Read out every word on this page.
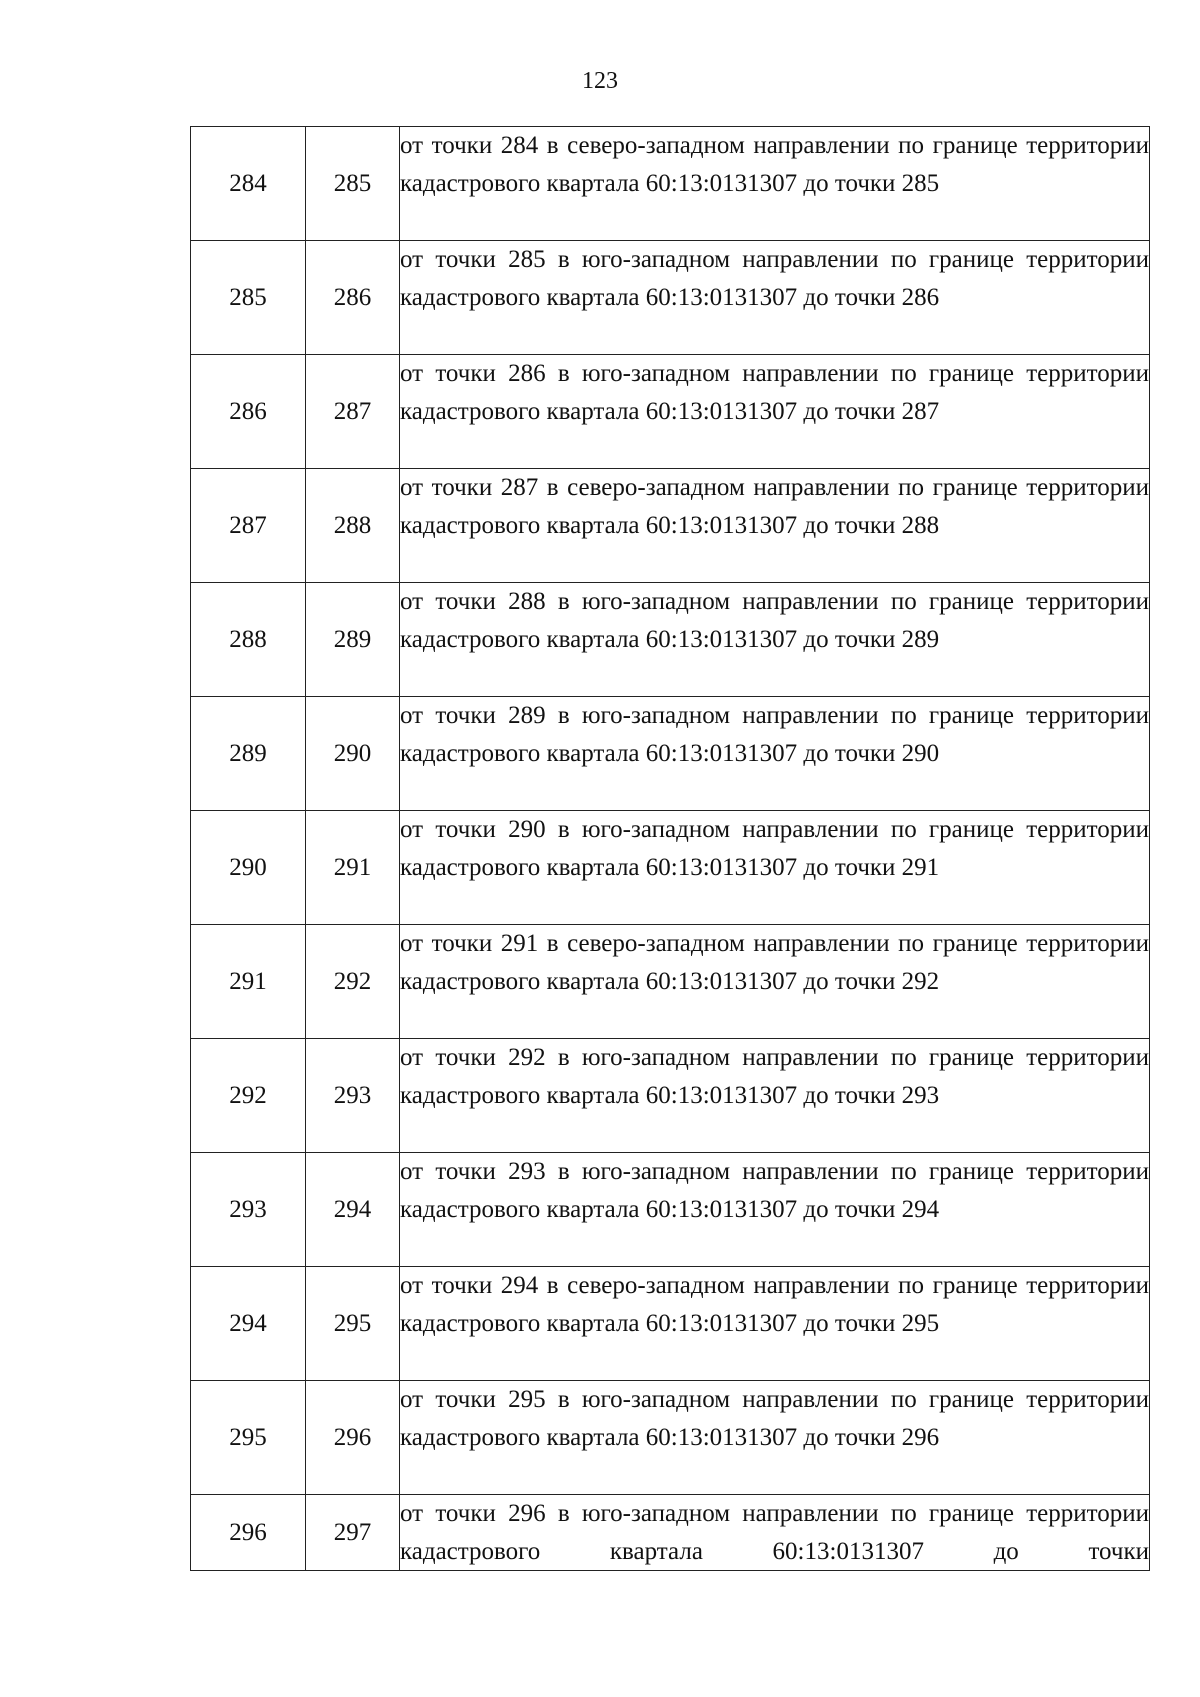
123
284	285	от точки 284 в северо-западном направлении по границе территории кадастрового квартала 60:13:0131307 до точки 285
285	286	от точки 285 в юго-западном направлении по границе территории кадастрового квартала 60:13:0131307 до точки 286
286	287	от точки 286 в юго-западном направлении по границе территории кадастрового квартала 60:13:0131307 до точки 287
287	288	от точки 287 в северо-западном направлении по границе территории кадастрового квартала 60:13:0131307 до точки 288
288	289	от точки 288 в юго-западном направлении по границе территории кадастрового квартала 60:13:0131307 до точки 289
289	290	от точки 289 в юго-западном направлении по границе территории кадастрового квартала 60:13:0131307 до точки 290
290	291	от точки 290 в юго-западном направлении по границе территории кадастрового квартала 60:13:0131307 до точки 291
291	292	от точки 291 в северо-западном направлении по границе территории кадастрового квартала 60:13:0131307 до точки 292
292	293	от точки 292 в юго-западном направлении по границе территории кадастрового квартала 60:13:0131307 до точки 293
293	294	от точки 293 в юго-западном направлении по границе территории кадастрового квартала 60:13:0131307 до точки 294
294	295	от точки 294 в северо-западном направлении по границе территории кадастрового квартала 60:13:0131307 до точки 295
295	296	от точки 295 в юго-западном направлении по границе территории кадастрового квартала 60:13:0131307 до точки 296
296	297	от точки 296 в юго-западном направлении по границе территории кадастрового квартала 60:13:0131307 до точки
